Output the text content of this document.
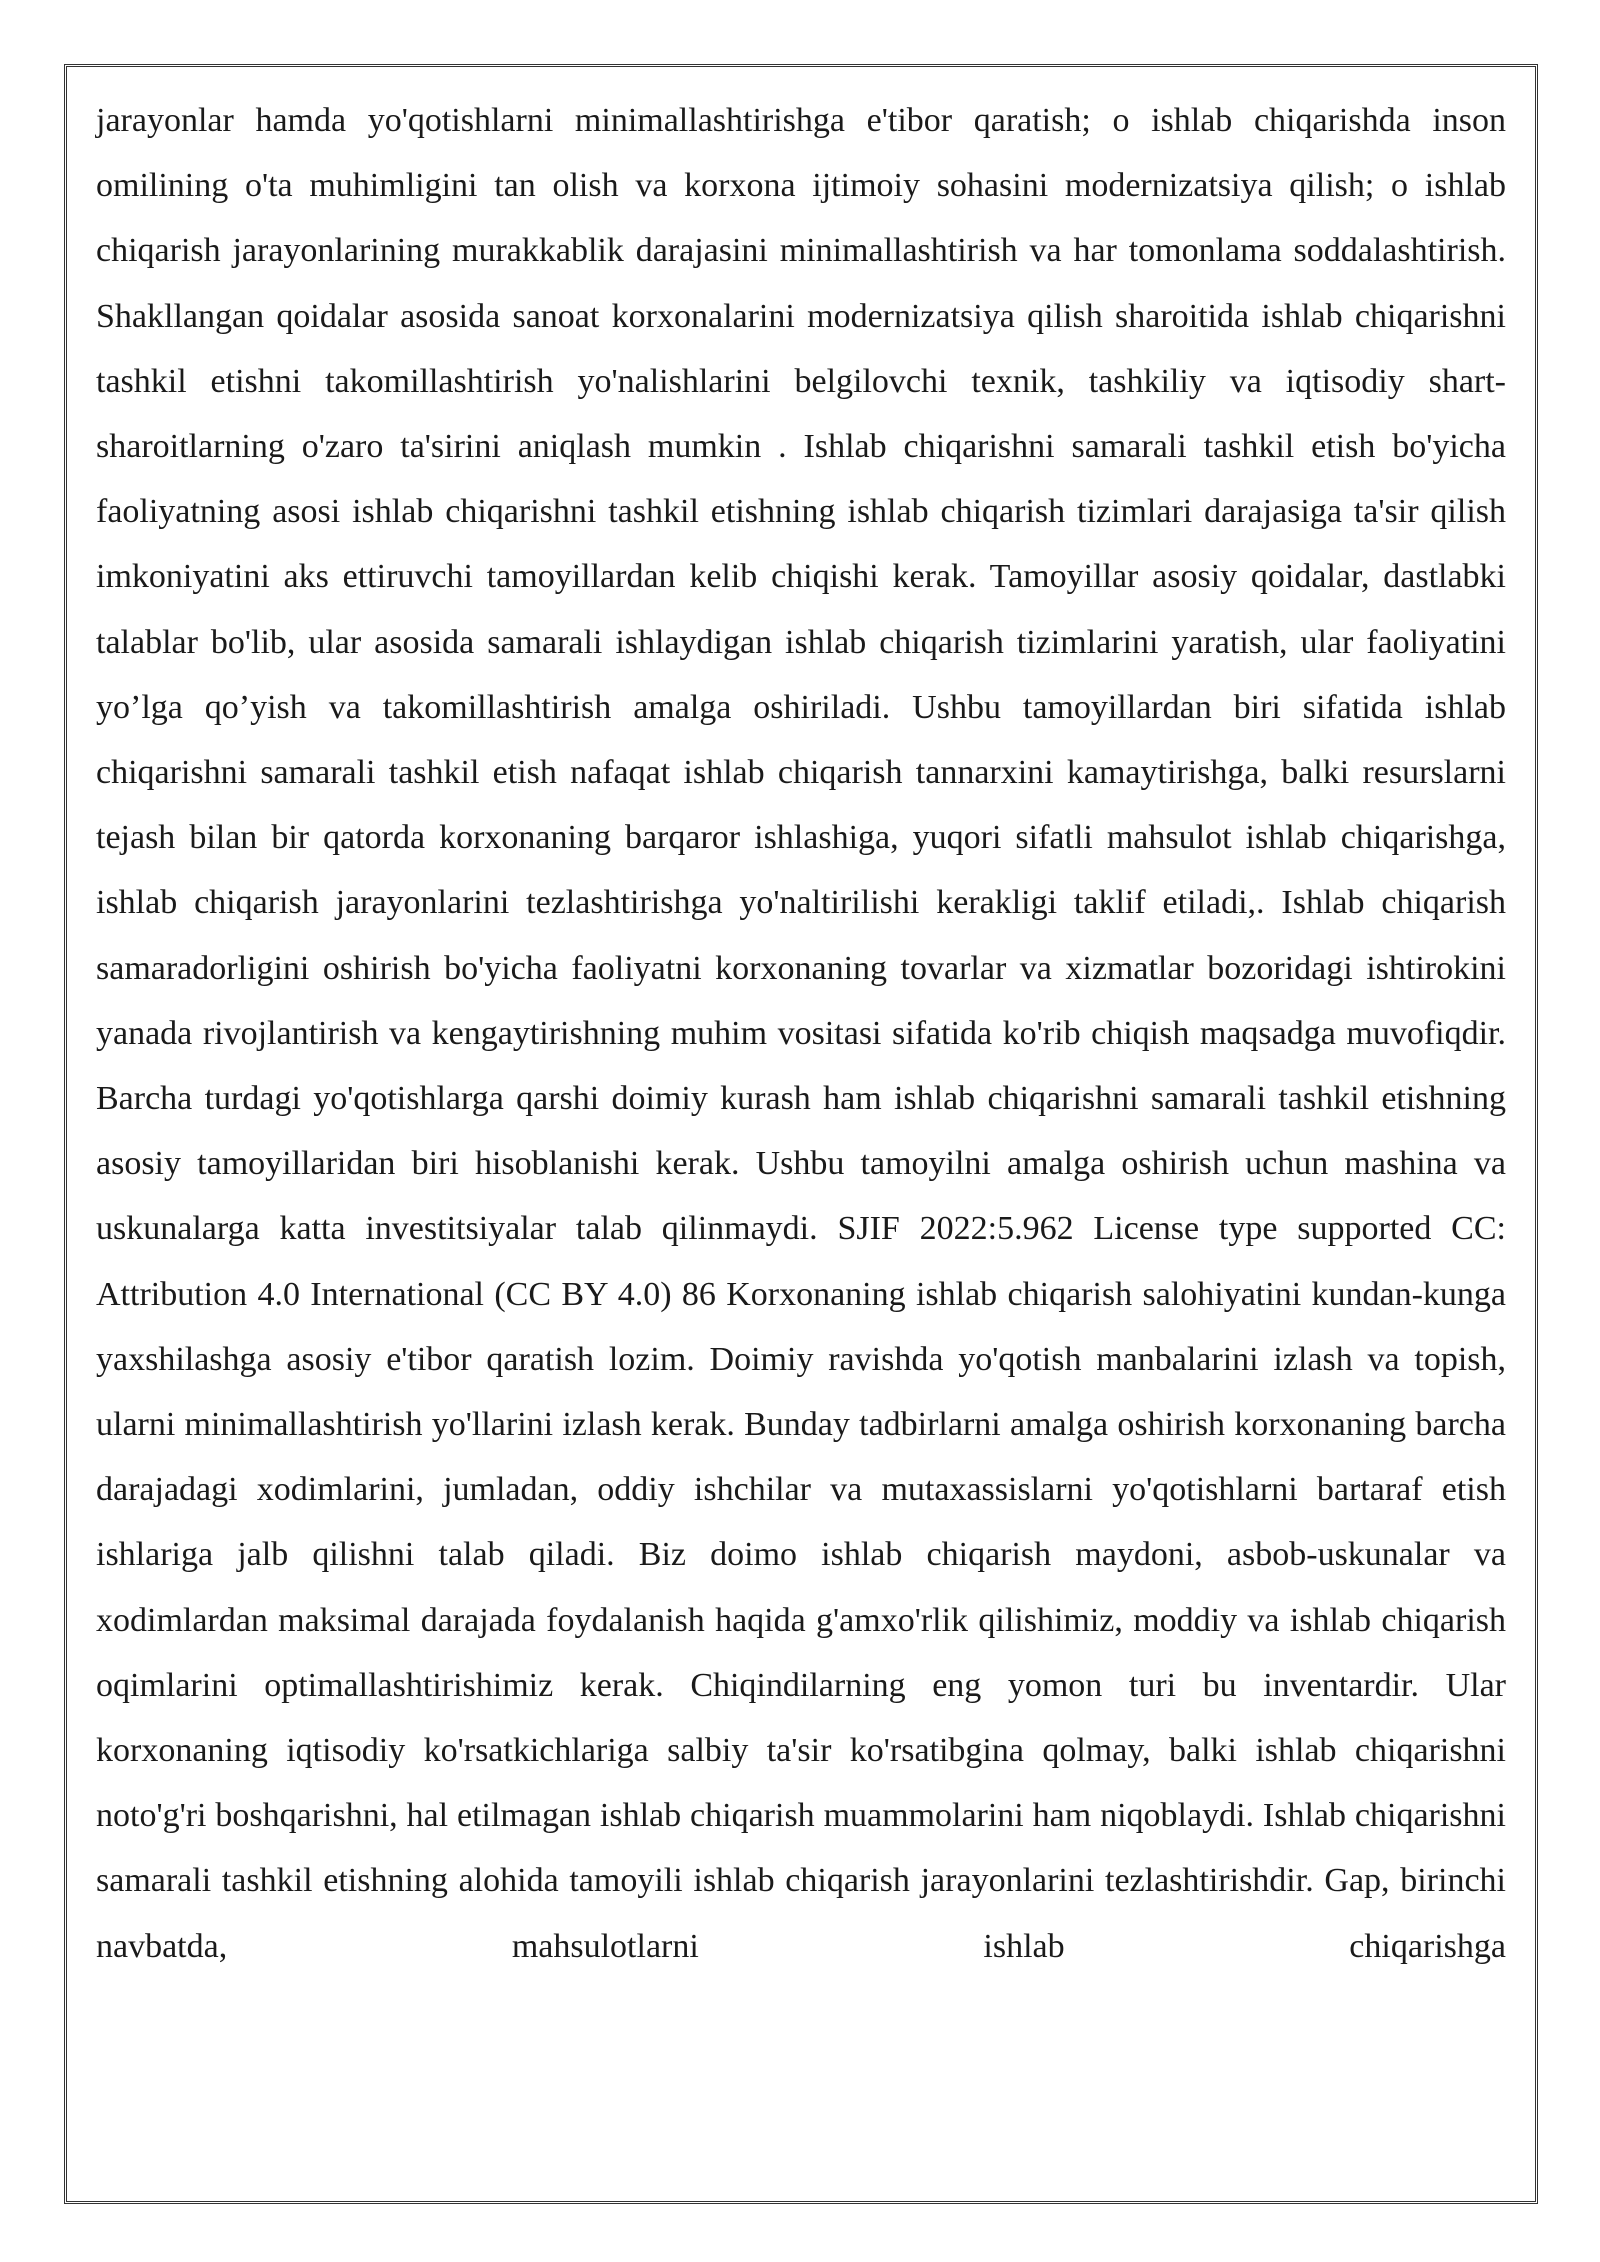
jarayonlar hamda yo'qotishlarni minimallashtirishga e'tibor qaratish; o ishlab chiqarishda inson omilining o'ta muhimligini tan olish va korxona ijtimoiy sohasini modernizatsiya qilish; o ishlab chiqarish jarayonlarining murakkablik darajasini minimallashtirish va har tomonlama soddalashtirish. Shakllangan qoidalar asosida sanoat korxonalarini modernizatsiya qilish sharoitida ishlab chiqarishni tashkil etishni takomillashtirish yo'nalishlarini belgilovchi texnik, tashkiliy va iqtisodiy shart-sharoitlarning o'zaro ta'sirini aniqlash mumkin . Ishlab chiqarishni samarali tashkil etish bo'yicha faoliyatning asosi ishlab chiqarishni tashkil etishning ishlab chiqarish tizimlari darajasiga ta'sir qilish imkoniyatini aks ettiruvchi tamoyillardan kelib chiqishi kerak. Tamoyillar asosiy qoidalar, dastlabki talablar bo'lib, ular asosida samarali ishlaydigan ishlab chiqarish tizimlarini yaratish, ular faoliyatini yo’lga qo’yish va takomillashtirish amalga oshiriladi. Ushbu tamoyillardan biri sifatida ishlab chiqarishni samarali tashkil etish nafaqat ishlab chiqarish tannarxini kamaytirishga, balki resurslarni tejash bilan bir qatorda korxonaning barqaror ishlashiga, yuqori sifatli mahsulot ishlab chiqarishga, ishlab chiqarish jarayonlarini tezlashtirishga yo'naltirilishi kerakligi taklif etiladi,. Ishlab chiqarish samaradorligini oshirish bo'yicha faoliyatni korxonaning tovarlar va xizmatlar bozoridagi ishtirokini yanada rivojlantirish va kengaytirishning muhim vositasi sifatida ko'rib chiqish maqsadga muvofiqdir. Barcha turdagi yo'qotishlarga qarshi doimiy kurash ham ishlab chiqarishni samarali tashkil etishning asosiy tamoyillaridan biri hisoblanishi kerak. Ushbu tamoyilni amalga oshirish uchun mashina va uskunalarga katta investitsiyalar talab qilinmaydi. SJIF 2022:5.962 License type supported CC: Attribution 4.0 International (CC BY 4.0) 86 Korxonaning ishlab chiqarish salohiyatini kundan-kunga yaxshilashga asosiy e'tibor qaratish lozim. Doimiy ravishda yo'qotish manbalarini izlash va topish, ularni minimallashtirish yo'llarini izlash kerak. Bunday tadbirlarni amalga oshirish korxonaning barcha darajadagi xodimlarini, jumladan, oddiy ishchilar va mutaxassislarni yo'qotishlarni bartaraf etish ishlariga jalb qilishni talab qiladi. Biz doimo ishlab chiqarish maydoni, asbob-uskunalar va xodimlardan maksimal darajada foydalanish haqida g'amxo'rlik qilishimiz, moddiy va ishlab chiqarish oqimlarini optimallashtirishimiz kerak. Chiqindilarning eng yomon turi bu inventardir. Ular korxonaning iqtisodiy ko'rsatkichlariga salbiy ta'sir ko'rsatibgina qolmay, balki ishlab chiqarishni noto'g'ri boshqarishni, hal etilmagan ishlab chiqarish muammolarini ham niqoblaydi. Ishlab chiqarishni samarali tashkil etishning alohida tamoyili ishlab chiqarish jarayonlarini tezlashtirishdir. Gap, birinchi navbatda, mahsulotlarni ishlab chiqarishga
